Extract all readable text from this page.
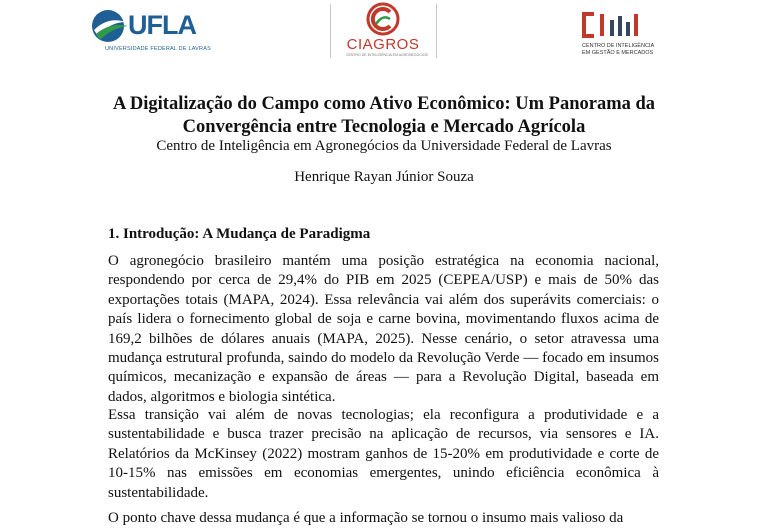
UFLA
UNIVERSIDADE FEDERAL DE LAVRAS	CIAGROS
CENTRO DE INTELIGÊNCIA EM AGRONEGÓCIOS
CENTRO DE INTELIGÊNCIA
EM GESTÃO E MERCADOS
A Digitalização do Campo como Ativo Econômico: Um Panorama da
Convergência entre Tecnologia e Mercado Agrícola

Centro de Inteligência em Agronegócios da Universidade Federal de Lavras

Henrique Rayan Júnior Souza

1. Introdução: A Mudança de Paradigma

O agronegócio brasileiro mantém uma posição estratégica na economia nacional, respondendo por cerca de 29,4% do PIB em 2025 (CEPEA/USP) e mais de 50% das exportações totais (MAPA, 2024). Essa relevância vai além dos superávits comerciais: o país lidera o fornecimento global de soja e carne bovina, movimentando fluxos acima de 169,2 bilhões de dólares anuais (MAPA, 2025). Nesse cenário, o setor atravessa uma mudança estrutural profunda, saindo do modelo da Revolução Verde — focado em insumos químicos, mecanização e expansão de áreas — para a Revolução Digital, baseada em dados, algoritmos e biologia sintética.

Essa transição vai além de novas tecnologias; ela reconfigura a produtividade e a sustentabilidade e busca trazer precisão na aplicação de recursos, via sensores e IA. Relatórios da McKinsey (2022) mostram ganhos de 15-20% em produtividade e corte de 10-15% nas emissões em economias emergentes, unindo eficiência econômica à sustentabilidade.

O ponto chave dessa mudança é que a informação se tornou o insumo mais valioso da
